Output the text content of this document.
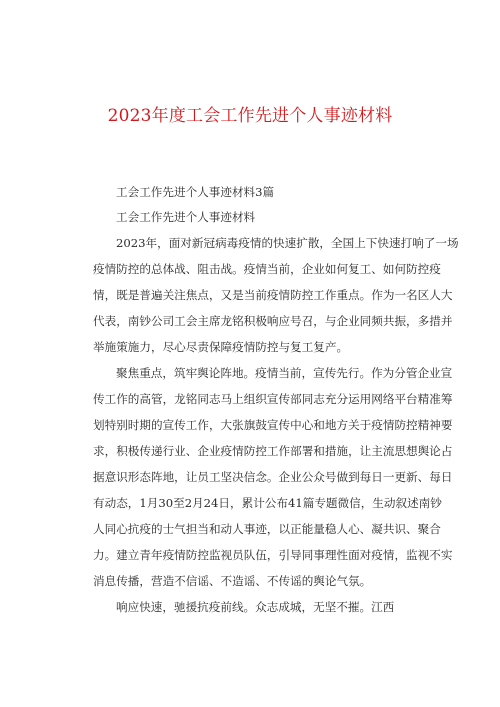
2023年度工会工作先进个人事迹材料

工会工作先进个人事迹材料3篇

工会工作先进个人事迹材料

2023年，面对新冠病毒疫情的快速扩散，全国上下快速打响了一场

疫情防控的总体战、阻击战。疫情当前，企业如何复工、如何防控疫

情，既是普遍关注焦点，又是当前疫情防控工作重点。作为一名区人大

代表，南钞公司工会主席龙铭积极响应号召，与企业同频共振，多措并

举施策施力，尽心尽责保障疫情防控与复工复产。

聚焦重点，筑牢舆论阵地。疫情当前，宣传先行。作为分管企业宣

传工作的高管，龙铭同志马上组织宣传部同志充分运用网络平台精准筹

划特别时期的宣传工作，大张旗鼓宣传中心和地方关于疫情防控精神要

求，积极传递行业、企业疫情防控工作部署和措施，让主流思想舆论占

据意识形态阵地，让员工坚决信念。企业公众号做到每日一更新、每日

有动态，1月30至2月24日，累计公布41篇专题微信，生动叙述南钞

人同心抗疫的士气担当和动人事迹，以正能量稳人心、凝共识、聚合

力。建立青年疫情防控监视员队伍，引导同事理性面对疫情，监视不实

消息传播，营造不信谣、不造谣、不传谣的舆论气氛。

响应快速，驰援抗疫前线。众志成城，无坚不摧。江西
